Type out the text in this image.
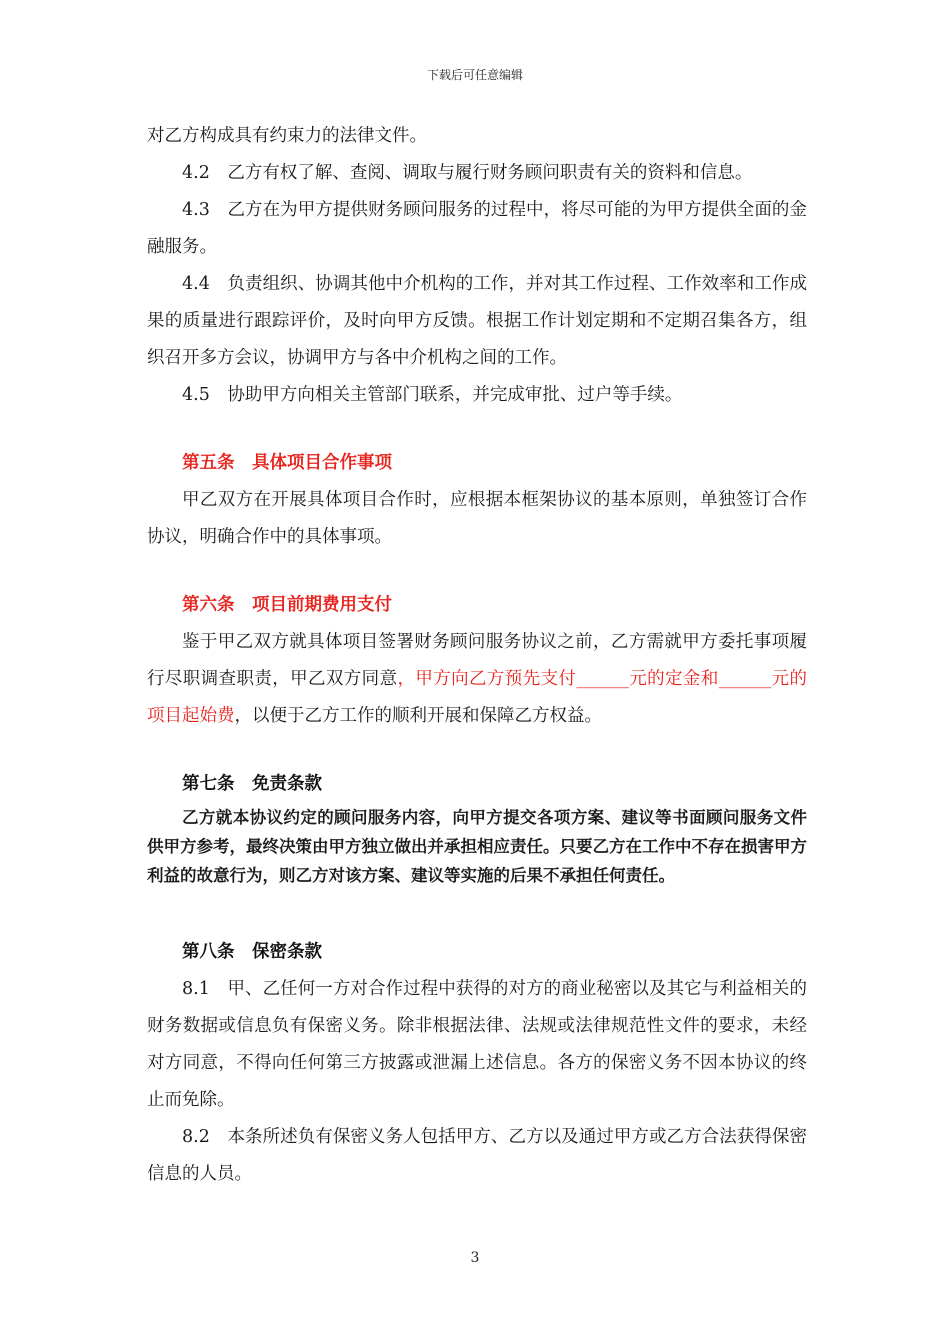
下载后可任意编辑

对乙方构成具有约束力的法律文件。

4.2　乙方有权了解、查阅、调取与履行财务顾问职责有关的资料和信息。

4.3　乙方在为甲方提供财务顾问服务的过程中，将尽可能的为甲方提供全面的金融服务。

4.4　负责组织、协调其他中介机构的工作，并对其工作过程、工作效率和工作成果的质量进行跟踪评价，及时向甲方反馈。根据工作计划定期和不定期召集各方，组织召开多方会议，协调甲方与各中介机构之间的工作。

4.5　协助甲方向相关主管部门联系，并完成审批、过户等手续。

第五条　具体项目合作事项

甲乙双方在开展具体项目合作时，应根据本框架协议的基本原则，单独签订合作协议，明确合作中的具体事项。

第六条　项目前期费用支付

鉴于甲乙双方就具体项目签署财务顾问服务协议之前，乙方需就甲方委托事项履行尽职调查职责，甲乙双方同意，甲方向乙方预先支付______元的定金和______元的项目起始费，以便于乙方工作的顺利开展和保障乙方权益。

第七条　免责条款

乙方就本协议约定的顾问服务内容，向甲方提交各项方案、建议等书面顾问服务文件供甲方参考，最终决策由甲方独立做出并承担相应责任。只要乙方在工作中不存在损害甲方利益的故意行为，则乙方对该方案、建议等实施的后果不承担任何责任。

第八条　保密条款

8.1　甲、乙任何一方对合作过程中获得的对方的商业秘密以及其它与利益相关的财务数据或信息负有保密义务。除非根据法律、法规或法律规范性文件的要求，未经对方同意，不得向任何第三方披露或泄漏上述信息。各方的保密义务不因本协议的终止而免除。

8.2　本条所述负有保密义务人包括甲方、乙方以及通过甲方或乙方合法获得保密信息的人员。

3
